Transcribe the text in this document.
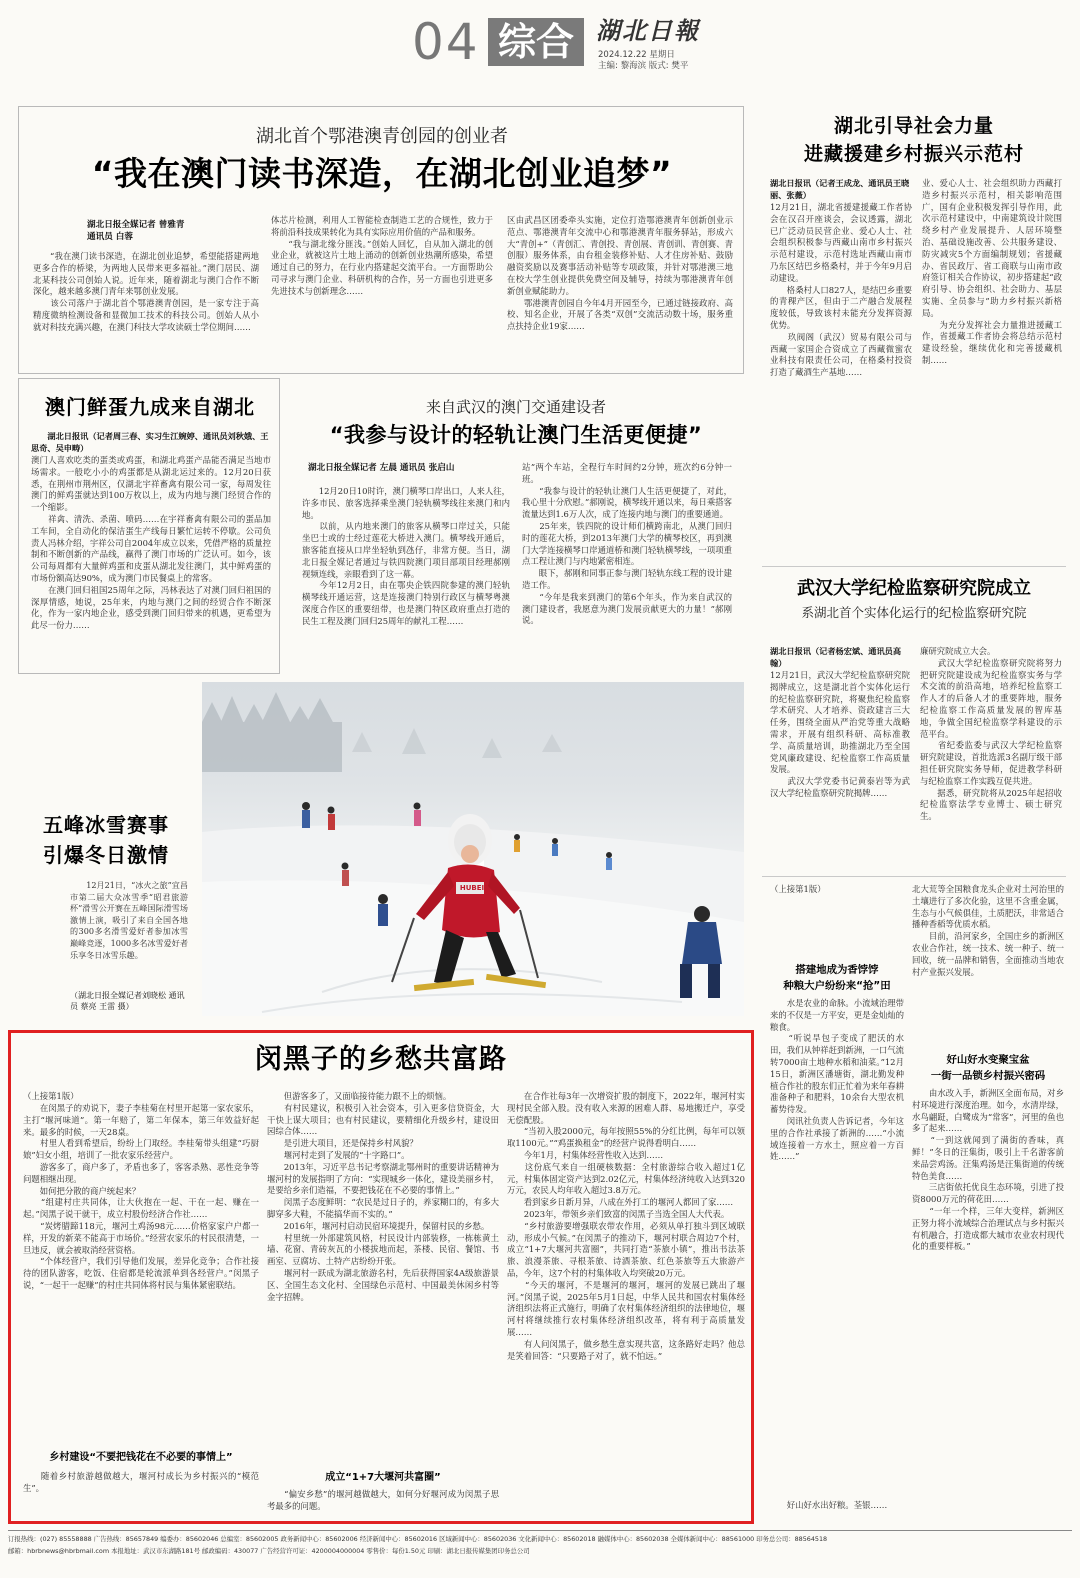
04 综合 湖北日報
2024.12.22 星期日
主编: 黎海滨 版式: 樊平
湖北首个鄂港澳青创园的创业者
“我在澳门读书深造，在湖北创业追梦”
湖北日报全媒记者 曾雅青
通讯员 白蓉
　　“我在澳门读书深造，在湖北创业追梦，希望能搭建两地更多合作的桥梁，为两地人民带来更多福祉。”澳门居民、湖北某科技公司创始人说。近年来，随着湖北与澳门合作不断深化，越来越多澳门青年来鄂创业发展。
　　该公司落户于湖北首个鄂港澳青创园，是一家专注于高精度微纳检测设备和显微加工技术的科技公司。创始人从小就对科技充满兴趣，在澳门科技大学攻读硕士学位期间……
体芯片检测，利用人工智能检查制造工艺的合规性，致力于将前沿科技成果转化为具有实际应用价值的产品和服务。
　　“我与湖北缘分匪浅。”创始人回忆，自从加入湖北的创业企业，就被这片土地上涌动的创新创业热潮所感染，希望通过自己的努力，在行业内搭建起交流平台。一方面帮助公司寻求与澳门企业、科研机构的合作，另一方面也引进更多先进技术与创新理念……
区由武昌区团委牵头实施，定位打造鄂港澳青年创新创业示范点、鄂港澳青年交流中心和鄂港澳青年服务驿站，形成六大“青创+”（青创汇、青创投、青创展、青创训、青创赛、青创服）服务体系，由台租金装修补贴、人才住房补贴、鼓励融资奖励以及赛事活动补贴等专项政策，并针对鄂港澳三地在校大学生创业提供免费空间及辅导，持续为鄂港澳青年创新创业赋能助力。
　　鄂港澳青创园自今年4月开园至今，已通过链接政府、高校、知名企业，开展了各类“双创”交流活动数十场，服务重点扶持企业19家……
澳门鲜蛋九成来自湖北
　　湖北日报讯（记者周三春、实习生江婉婷、通讯员刘秋娥、王思奇、吴申畴）
澳门人喜欢吃类的蛋类或鸡蛋，和湖北鸡蛋产品能否满足当地市场需求。一般吃小小的鸡蛋都是从湖北运过来的。12月20日获悉，在荆州市荆州区，仅湖北宇祥畜禽有限公司一家，每周发往澳门的鲜鸡蛋就达到100万枚以上，成为内地与澳门经贸合作的一个缩影。
　　祥禽、清洗、杀菌、喷码……在宇祥畜禽有限公司的蛋品加工车间，全自动化的保洁蛋生产线每日繁忙运转不停歇。公司负责人冯林介绍，宇祥公司自2004年成立以来，凭借严格的质量控制和不断创新的产品线，赢得了澳门市场的广泛认可。如今，该公司每周都有大量鲜鸡蛋和皮蛋从湖北发往澳门，其中鲜鸡蛋的市场份额高达90%，成为澳门市民餐桌上的常客。
　　在澳门回归祖国25周年之际，冯林表达了对澳门回归祖国的深厚情感，她说，25年来，内地与澳门之间的经贸合作不断深化，作为一家内地企业，感受到澳门回归带来的机遇，更希望为此尽一份力……
来自武汉的澳门交通建设者
“我参与设计的轻轨让澳门生活更便捷”
湖北日报全媒记者 左晨 通讯员 张启山
　　12月20日10时许，澳门横琴口岸出口，人来人往，许多市民、旅客选择乘坐澳门轻轨横琴线往来澳门和内地。
　　以前，从内地来澳门的旅客从横琴口岸过关，只能坐巴士或的士经过莲花大桥进入澳门。横琴线开通后，旅客能直接从口岸坐轻轨到氹仔，非常方便。当日，湖北日报全媒记者通过与铁四院澳门项目部项目经理郝刚视频连线，亲眼看到了这一幕。
　　今年12月2日，由在鄂央企铁四院参建的澳门轻轨横琴线开通运营，这是连接澳门特别行政区与横琴粤澳深度合作区的重要纽带，也是澳门特区政府重点打造的民生工程及澳门回归25周年的献礼工程……
站”两个车站，全程行车时间约2分钟，班次约6分钟一班。
　　“我参与设计的轻轨让澳门人生活更便捷了，对此，我心里十分欣慰。”郝刚说，横琴线开通以来，每日乘搭客流量达到1.6万人次，成了连接内地与澳门的重要通道。
　　25年来，铁四院的设计师们横跨南北，从澳门回归时的莲花大桥，到2013年澳门大学的横琴校区，再到澳门大学连接横琴口岸通道桥和澳门轻轨横琴线，一项项重点工程让澳门与内地紧密相连。
　　眼下，郝刚和同事正参与澳门轻轨东线工程的设计建造工作。
　　“今年是我来到澳门的第6个年头，作为来自武汉的澳门建设者，我愿意为澳门发展贡献更大的力量！”郝刚说。
湖北引导社会力量
进藏援建乡村振兴示范村
湖北日报讯（记者王成龙、通讯员王晓丽、张薇）
12月21日，湖北省援建援藏工作者协会在汉召开座谈会，会议透露，湖北已广泛动员民营企业、爱心人士、社会组织积极参与西藏山南市乡村振兴示范村建设，示范村选址西藏山南市乃东区结巴乡格桑村，并于今年9月启动建设。
　　格桑村人口827人，是结巴乡重要的青稞产区，但由于二产融合发展程度较低，导致该村未能充分发挥资源优势。
　　玖阀阁（武汉）贸易有限公司与西藏一家国企合资成立了西藏微蜜农业科技有限责任公司，在格桑村投资打造了藏酒生产基地……
业、爱心人士、社会组织助力西藏打造乡村振兴示范村，相关影响范围广，国有企业积极发挥引导作用，此次示范村建设中，中南建筑设计院围绕乡村产业发展提升、人居环境整治、基础设施改善、公共服务建设、防灾减灾5个方面编制规划；省援藏办、省民政厅、省工商联与山南市政府签订相关合作协议，初步搭建起“政府引导、协会组织、社会助力、基层实施、全员参与”助力乡村振兴新格局。
　　为充分发挥社会力量推进援藏工作，省援藏工作者协会将总结示范村建设经验，继续优化和完善援藏机制……
武汉大学纪检监察研究院成立
系湖北首个实体化运行的纪检监察研究院
湖北日报讯（记者杨宏斌、通讯员高翰）
12月21日，武汉大学纪检监察研究院揭牌成立，这是湖北首个实体化运行的纪检监察研究院，将聚焦纪检监察学术研究、人才培养、资政建言三大任务，围绕全面从严治党等重大战略需求，开展有组织科研、高标准教学、高质量培训，助推湖北乃至全国党风廉政建设、纪检监察工作高质量发展。
　　武汉大学党委书记黄泰岩等为武汉大学纪检监察研究院揭牌……
廉研究院成立大会。
　　武汉大学纪检监察研究院将努力把研究院建设成为纪检监察实务与学术交流的前沿高地，培养纪检监察工作人才的后备人才的重要阵地，服务纪检监察工作高质量发展的智库基地，争做全国纪检监察学科建设的示范平台。
　　省纪委监委与武汉大学纪检监察研究院建设，首批选派3名副厅级干部担任研究院实务导师，促进教学科研与纪检监察工作实践互促共进。
　　据悉，研究院将从2025年起招收纪检监察法学专业博士、硕士研究生。
五峰冰雪赛事
引爆冬日激情
　　12月21日，“冰火之旅”宜昌市第二届大众冰雪季“昭君旅游杯”滑雪公开赛在五峰国际滑雪场激情上演，吸引了来自全国各地的300多名滑雪爱好者参加冰雪巅峰竞逐，1000多名冰雪爱好者乐享冬日冰雪乐趣。
（湖北日报全媒记者刘晓松 通讯员 蔡亮 王雷 摄）
HUBEI	北大荒等全国粮食龙头企业对土河治里的土壤进行了多次化验，这里不含重金属，生态与小气候俱佳，土质肥沃，非常适合播种香稻等优质水稻。
　　目前，沿河家乡，全国庄乡的新洲区农业合作社，统一技术、统一种子、统一回收，统一品牌和销售，全面推动当地农村产业振兴发展。
（上接第1版）
搭建地成为香饽饽
种粮大户纷纷来“抢”田
　　水是农业的命脉。小流域治理带来的不仅是一方平安，更是金灿灿的粮食。
　　“听说旱包子变成了肥沃的水田，我们从钟祥赶到新洲，一口气流转7000亩土地种水稻和油菜。”12月15日，新洲区潘塘街，湖北勤发种植合作社的股东们正忙着为来年春耕准备种子和肥料，10余台大型农机蓄势待发。
　　闵讯社负责人告诉记者，今年这里的合作社承接了新洲的……“小流域连接着一方水土，照应着一方百姓……”
好山好水变聚宝盆
一街一品锁乡村振兴密码
　　由水改入手，新洲区全面布局，对乡村环境进行深度治理。如今，水清岸绿，水鸟翩跹，白鹭成为“常客”，河里的鱼也多了起来……
　　“一到这就闻到了满街的香味，真鲜！”冬日的汪集街，吸引上千名游客前来品尝鸡汤。汪集鸡汤是汪集街道的传统特色美食……
　　三店街依托优良生态环境，引进了投资8000万元的荷花田……
　　“一年一个样，三年大变样，新洲区正努力将小流域综合治理试点与乡村振兴有机融合，打造成都大城市农业农村现代化的重要样板。”
　　好山好水出好粮。荃银……
闵黑子的乡愁共富路
（上接第1版）
　　在闵黑子的劝说下，妻子李桂菊在村里开起第一家农家乐，主打“堰河味道”。第一年赔了，第二年保本，第三年效益好起来。最多的时候，一天28桌。
　　村里人看到希望后，纷纷上门取经。李桂菊带头组建“巧厨娘”妇女小组，培训了一批农家乐经营户。
　　游客多了，商户多了，矛盾也多了，客客杀熟、恶性竞争等问题相继出现。
　　如何把分散的商户统起来？
　　“组建村庄共同体，让大伙抱在一起、干在一起、赚在一起。”闵黑子说干就干，成立村股份经济合作社……
　　“炭烤腊蹄118元，堰河土鸡汤98元……价格家家户户都一样，开发的新菜不能高于市场价。”经营农家乐的村民很清楚，一旦违反，就会被取消经营资格。
　　“个体经营户，我们引导他们发展，差异化竞争；合作社接待的团队游客，吃饭、住宿都是轮流派单到各经营户。”闵黑子说，“一起干一起赚”的村庄共同体将村民与集体紧密联结。
乡村建设“不要把钱花在不必要的事情上”
　　随着乡村旅游越做越大，堰河村成长为乡村振兴的“模范生”。
　　但游客多了，又面临接待能力跟不上的烦恼。
　　有村民建议，积极引入社会资本，引入更多信贷资金，大干快上谋大项目；也有村民建议，要精细化升级乡村，建设田园综合体……
　　是引进大项目，还是保持乡村风貌？
　　堰河村走到了发展的“十字路口”。
　　2013年，习近平总书记考察湖北鄂州时的重要讲话精神为堰河村的发展指明了方向：“实现城乡一体化，建设美丽乡村，是要给乡亲们造福，不要把钱花在不必要的事情上。”
　　闵黑子态度鲜明：“农民是过日子的，养家糊口的，有多大脚穿多大鞋，不能搞华而不实的。”
　　2016年，堰河村启动民宿环境提升，保留村民的乡愁。
　　村里统一外部建筑风格，村民设计内部装修，一栋栋黄土墙、花窗、青砖灰瓦的小楼拔地而起，茶楼、民宿、餐馆、书画室、豆腐坊、土特产店纷纷开张。
　　堰河村一跃成为湖北旅游名村，先后获得国家4A级旅游景区、全国生态文化村、全国绿色示范村、中国最美休闲乡村等金字招牌。
成立“1+7大堰河共富圈”
　　“偏安乡愁”的堰河越做越大，如何分好堰河成为闵黑子思考最多的问题。
　　在合作社每3年一次增资扩股的制度下，2022年，堰河村实现村民全部入股。没有收入来源的困难人群、易地搬迁户，享受无偿配股。
　　“当初入股2000元，每年按照55%的分红比例，每年可以领取1100元。”“鸡蛋换租金”的经营户说得看明白……
　　今年1月，村集体经营性收入达到……
　　这份底气来自一组硬核数据：全村旅游综合收入超过1亿元，村集体固定资产达到2.02亿元，村集体经济纯收入达到320万元，农民人均年收入超过3.8万元。
　　看到家乡日新月异，八成在外打工的堰河人都回了家……
　　2023年，带领乡亲们致富的闵黑子当选全国人大代表。
　　“乡村旅游要增强联农带农作用，必须从单打独斗到区域联动，形成小气候。”在闵黑子的推动下，堰河村联合周边7个村，成立“1+7大堰河共富圈”，共同打造“茶旅小镇”，推出书法茶旅、浪漫茶旅、寻根茶旅、诗酒茶旅、红色茶旅等五大旅游产品，今年，这7个村的村集体收入均突破20万元。
　　“今天的堰河，不是堰河的堰河，堰河的发展已跳出了堰河。”闵黑子说，2025年5月1日起，中华人民共和国农村集体经济组织法将正式施行，明确了农村集体经济组织的法律地位，堰河村将继续推行农村集体经济组织改革，将有利于高质量发展……
　　有人问闵黑子，做乡愁生意实现共富，这条路好走吗？他总是笑着回答：“只要路子对了，就不怕远。”
订报热线：(027) 85558888 广告热线：85657849 编委办：85602046 总编室：85602005 政务新闻中心：85602006 经济新闻中心：85602016 区域新闻中心：85602036 文化新闻中心：85602018 融媒体中心：85602038 全媒体新闻中心：88561000 印务总公司：88564518
邮箱：hbrbnews@hbrbmail.com 本报地址：武汉市东湖路181号 邮政编码：430077 广告经营许可证：4200004000004 零售价：每份1.50元 印刷：湖北日报传媒集团印务总公司
